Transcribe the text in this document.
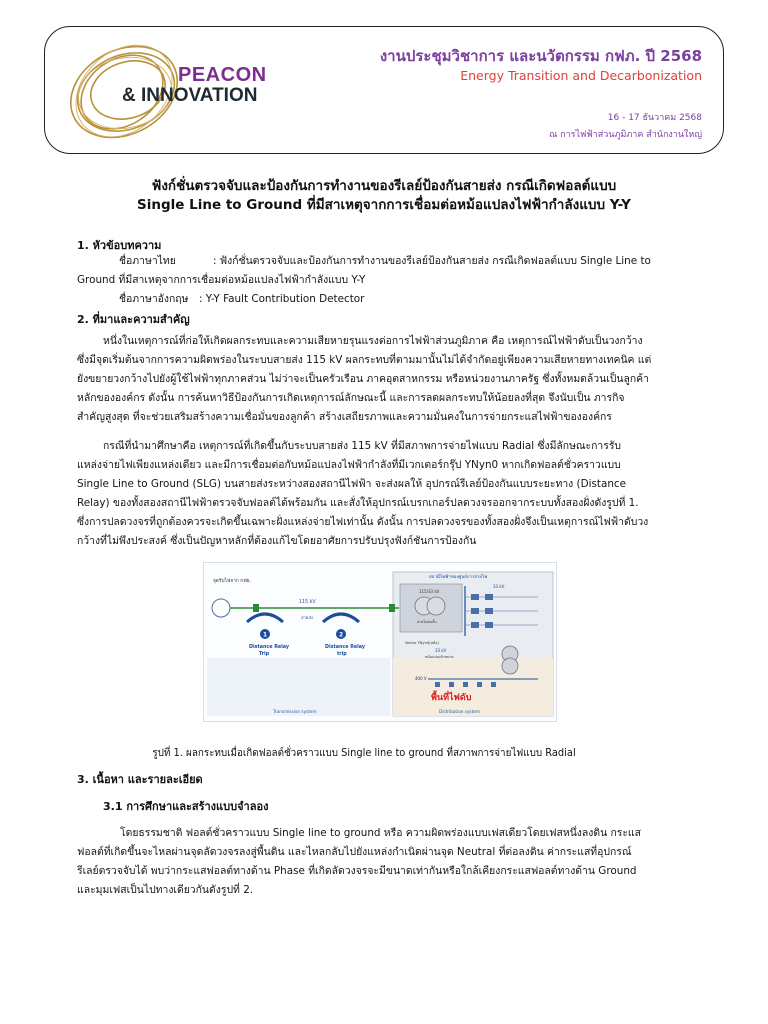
PEACON
& INNOVATION
งานประชุมวิชาการ และนวัตกรรม กฟภ. ปี 2568
Energy Transition and Decarbonization
16 - 17 ธันวาคม 2568
ณ การไฟฟ้าส่วนภูมิภาค สำนักงานใหญ่
ฟังก์ชั่นตรวจจับและป้องกันการทำงานของรีเลย์ป้องกันสายส่ง กรณีเกิดฟอลต์แบบ
Single Line to Ground ที่มีสาเหตุจากการเชื่อมต่อหม้อแปลงไฟฟ้ากำลังแบบ Y-Y
1. หัวข้อบทความ
ชื่อภาษาไทย	: ฟังก์ชั่นตรวจจับและป้องกันการทำงานของรีเลย์ป้องกันสายส่ง กรณีเกิดฟอลต์แบบ Single Line to
Ground ที่มีสาเหตุจากการเชื่อมต่อหม้อแปลงไฟฟ้ากำลังแบบ Y-Y
ชื่อภาษาอังกฤษ : Y-Y Fault Contribution Detector
2. ที่มาและความสำคัญ
หนึ่งในเหตุการณ์ที่ก่อให้เกิดผลกระทบและความเสียหายรุนแรงต่อการไฟฟ้าส่วนภูมิภาค คือ เหตุการณ์ไฟฟ้าดับเป็นวงกว้าง
ซึ่งมีจุดเริ่มต้นจากการความผิดพร่องในระบบสายส่ง 115 kV ผลกระทบที่ตามมานั้นไม่ได้จำกัดอยู่เพียงความเสียหายทางเทคนิค แต่
ยังขยายวงกว้างไปยังผู้ใช้ไฟฟ้าทุกภาคส่วน ไม่ว่าจะเป็นครัวเรือน ภาคอุตสาหกรรม หรือหน่วยงานภาครัฐ ซึ่งทั้งหมดล้วนเป็นลูกค้า
หลักขององค์กร ดังนั้น การค้นหาวิธีป้องกันการเกิดเหตุการณ์ลักษณะนี้ และการลดผลกระทบให้น้อยลงที่สุด จึงนับเป็น ภารกิจ
สำคัญสูงสุด ที่จะช่วยเสริมสร้างความเชื่อมั่นของลูกค้า สร้างเสถียรภาพและความมั่นคงในการจ่ายกระแสไฟฟ้าขององค์กร
กรณีที่นำมาศึกษาคือ เหตุการณ์ที่เกิดขึ้นกับระบบสายส่ง 115 kV ที่มีสภาพการจ่ายไฟแบบ Radial ซึ่งมีลักษณะการรับ
แหล่งจ่ายไฟเพียงแหล่งเดียว และมีการเชื่อมต่อกับหม้อแปลงไฟฟ้ากำลังที่มีเวกเตอร์กรุ๊ป YNyn0 หากเกิดฟอลต์ชั่วคราวแบบ
Single Line to Ground (SLG) บนสายส่งระหว่างสองสถานีไฟฟ้า จะส่งผลให้ อุปกรณ์รีเลย์ป้องกันแบบระยะทาง (Distance
Relay) ของทั้งสองสถานีไฟฟ้าตรวจจับฟอลต์ได้พร้อมกัน และสั่งให้อุปกรณ์เบรกเกอร์ปลดวงจรออกจากระบบทั้งสองฝั่งดังรูปที่ 1.
ซึ่งการปลดวงจรที่ถูกต้องควรจะเกิดขึ้นเฉพาะฝั่งแหล่งจ่ายไฟเท่านั้น ดังนั้น การปลดวงจรของทั้งสองฝั่งจึงเป็นเหตุการณ์ไฟฟ้าดับวง
กว้างที่ไม่พึงประสงค์ ซึ่งเป็นปัญหาหลักที่ต้องแก้ไขโดยอาศัยการปรับปรุงฟังก์ชันการป้องกัน
จุดรับไฟจาก กฟผ.
115 kV
สายส่ง
1	2
Distance Relay
Trip
Distance Relay
trip
สถานีไฟฟ้าของศูนย์การจ่ายไฟ
115/33 kV
สายไม่ต่อกั้น
33 kV
Vector YNyn0(หม้อ)
33 kV
หม้อแปลงจำหน่าย
400 V
พื้นที่ไฟดับ
Transmission system	Distribution system
รูปที่ 1. ผลกระทบเมื่อเกิดฟอลต์ชั่วคราวแบบ Single line to ground ที่สภาพการจ่ายไฟแบบ Radial
3. เนื้อหา และรายละเอียด
3.1 การศึกษาและสร้างแบบจำลอง
โดยธรรมชาติ ฟอลต์ชั่วคราวแบบ Single line to ground หรือ ความผิดพร่องแบบเฟสเดียวโดยเฟสหนึ่งลงดิน กระแส
ฟอลต์ที่เกิดขึ้นจะไหลผ่านจุดลัดวงจรลงสู่พื้นดิน และไหลกลับไปยังแหล่งกำเนิดผ่านจุด Neutral ที่ต่อลงดิน ค่ากระแสที่อุปกรณ์
รีเลย์ตรวจจับได้ พบว่ากระแสฟอลต์ทางด้าน Phase ที่เกิดลัดวงจรจะมีขนาดเท่ากันหรือใกล้เคียงกระแสฟอลต์ทางด้าน Ground
และมุมเฟสเป็นไปทางเดียวกันดังรูปที่ 2.
